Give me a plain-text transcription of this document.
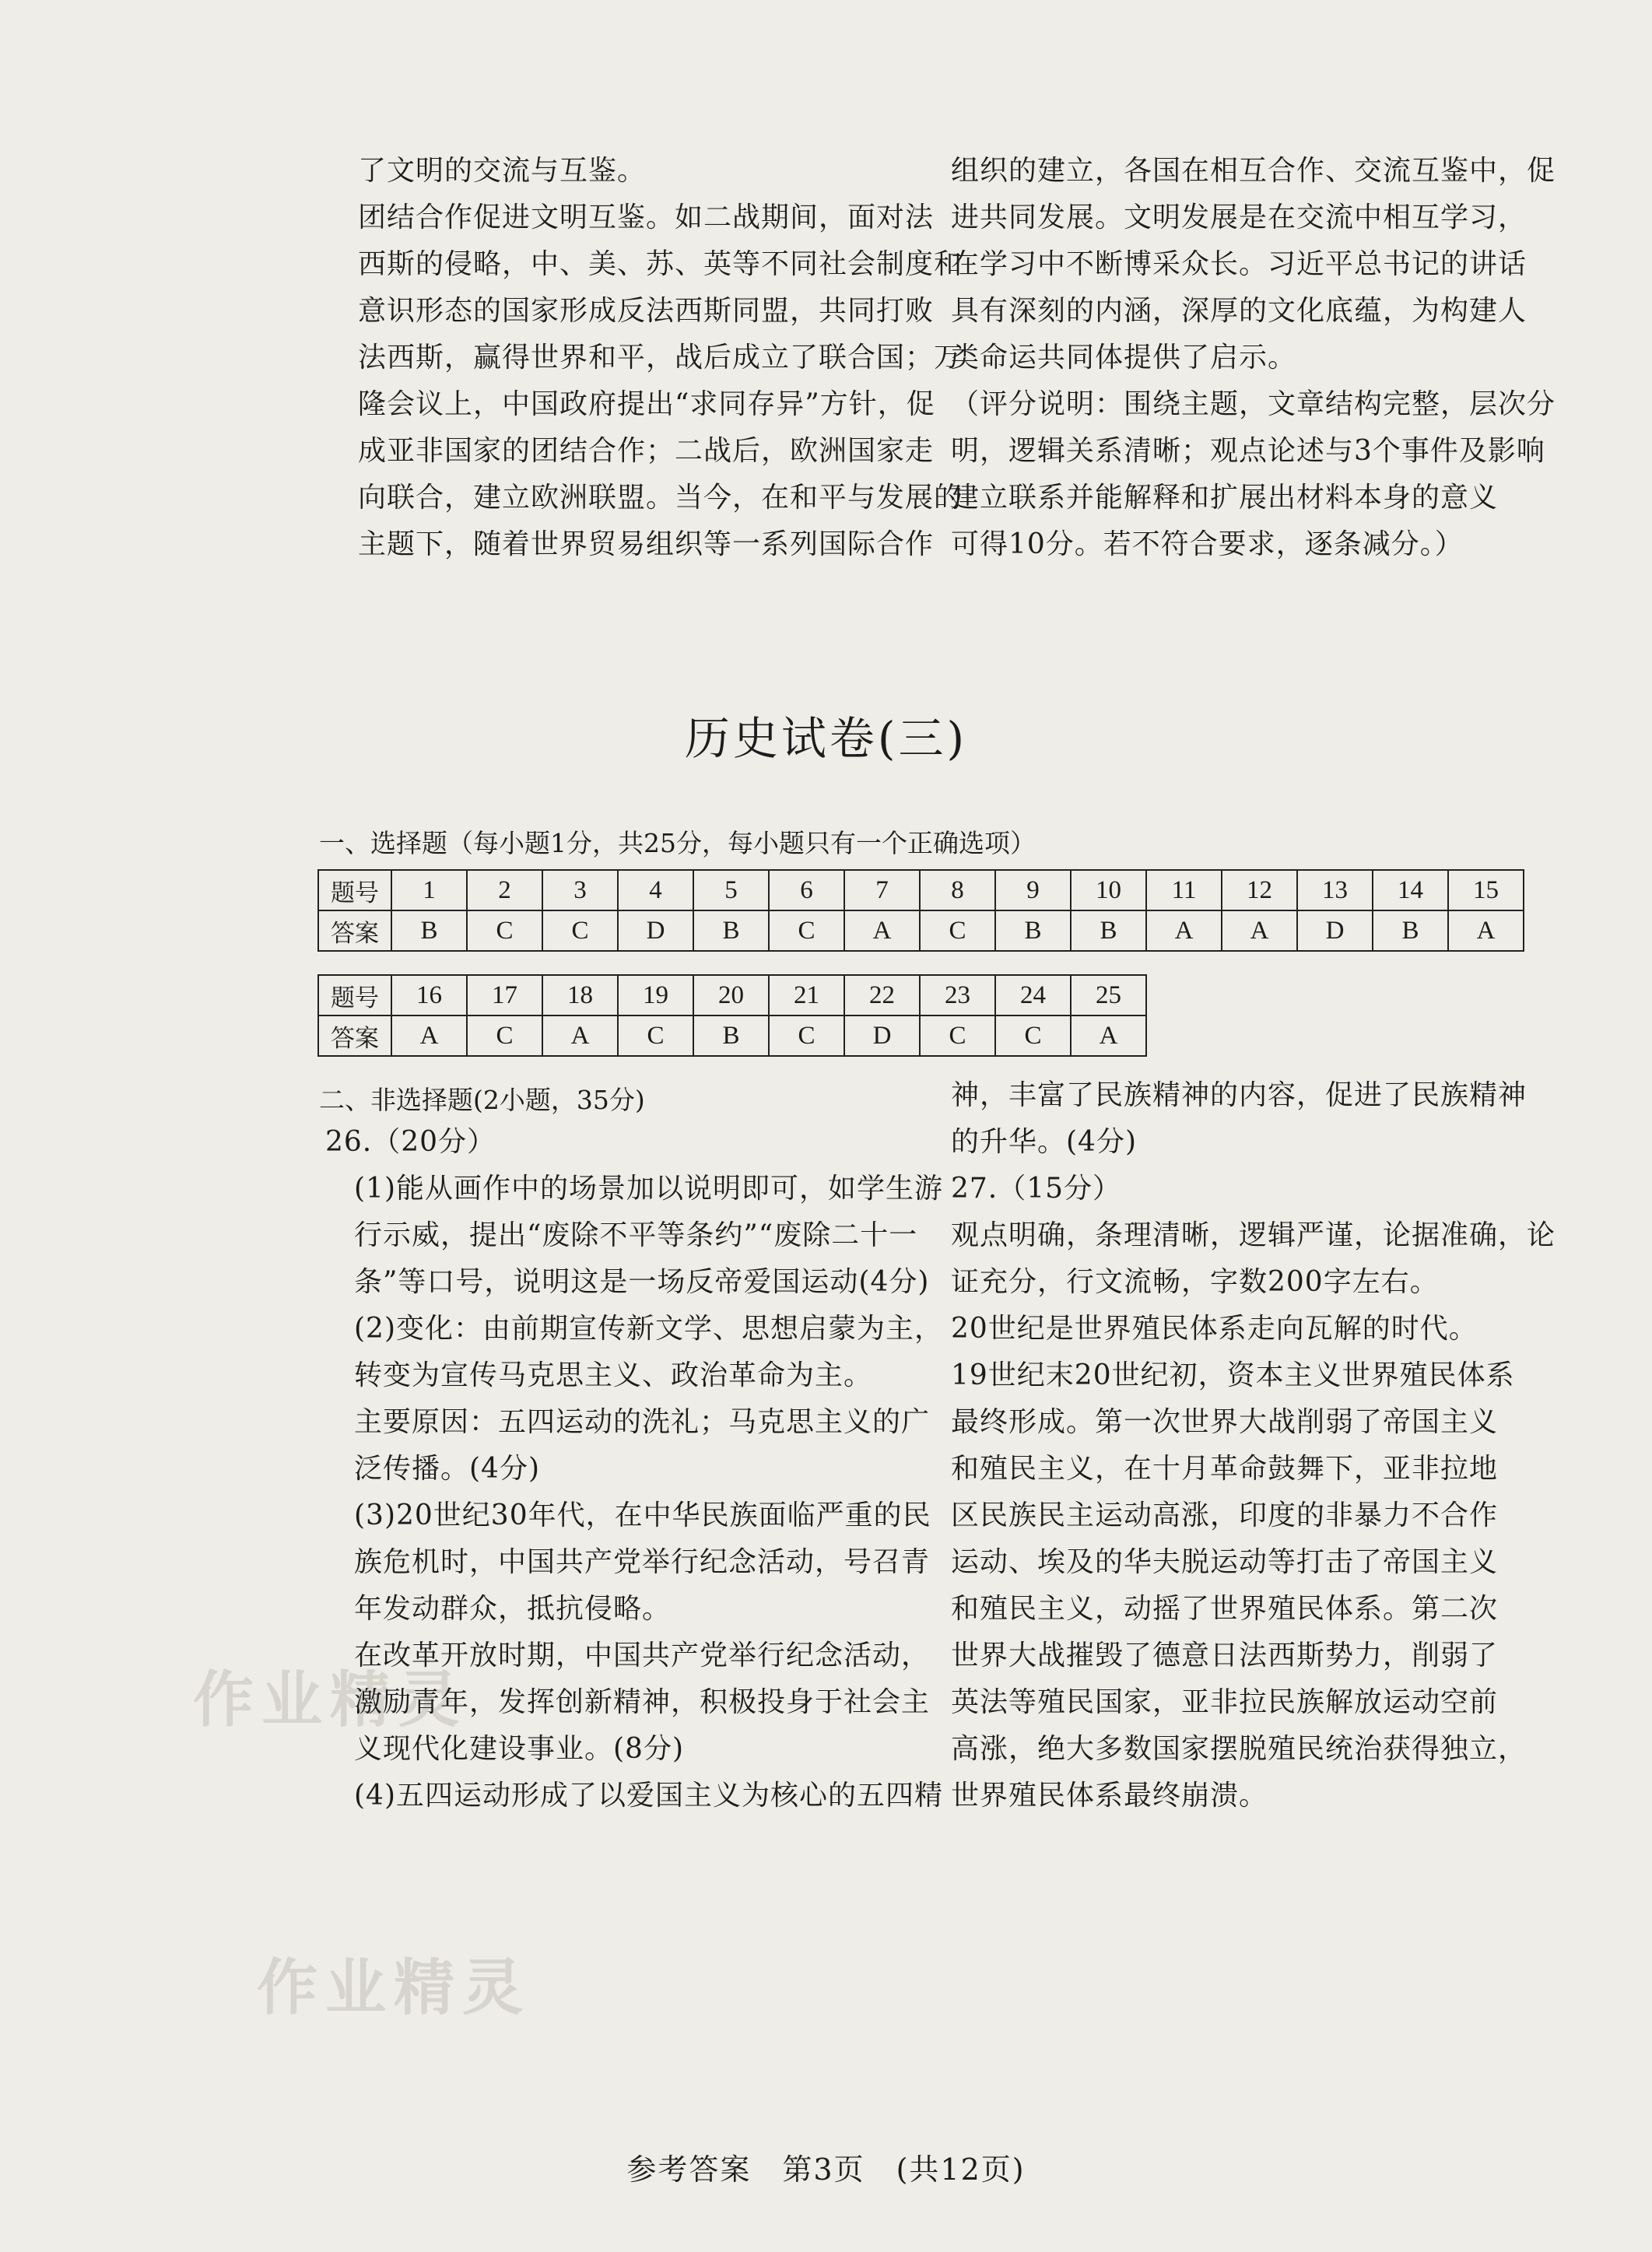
作业精灵
作业精灵

了文明的交流与互鉴。

团结合作促进文明互鉴。如二战期间，面对法

西斯的侵略，中、美、苏、英等不同社会制度和

意识形态的国家形成反法西斯同盟，共同打败

法西斯，赢得世界和平，战后成立了联合国；万

隆会议上，中国政府提出“求同存异”方针，促

成亚非国家的团结合作；二战后，欧洲国家走

向联合，建立欧洲联盟。当今，在和平与发展的

主题下，随着世界贸易组织等一系列国际合作

组织的建立，各国在相互合作、交流互鉴中，促

进共同发展。文明发展是在交流中相互学习，

在学习中不断博采众长。习近平总书记的讲话

具有深刻的内涵，深厚的文化底蕴，为构建人

类命运共同体提供了启示。

（评分说明：围绕主题，文章结构完整，层次分

明，逻辑关系清晰；观点论述与3个事件及影响

建立联系并能解释和扩展出材料本身的意义

可得10分。若不符合要求，逐条减分。）

历史试卷(三)
一、选择题（每小题1分，共25分，每小题只有一个正确选项）
题号	1	2	3	4	5	6	7	8	9	10	11	12	13	14	15
答案	B	C	C	D	B	C	A	C	B	B	A	A	D	B	A
题号	16	17	18	19	20	21	22	23	24	25
答案	A	C	A	C	B	C	D	C	C	A
二、非选择题(2小题，35分)

26.（20分）

　(1)能从画作中的场景加以说明即可，如学生游

　行示威，提出“废除不平等条约”“废除二十一

　条”等口号，说明这是一场反帝爱国运动(4分)

　(2)变化：由前期宣传新文学、思想启蒙为主，

　转变为宣传马克思主义、政治革命为主。

　主要原因：五四运动的洗礼；马克思主义的广

　泛传播。(4分)

　(3)20世纪30年代，在中华民族面临严重的民

　族危机时，中国共产党举行纪念活动，号召青

　年发动群众，抵抗侵略。

　在改革开放时期，中国共产党举行纪念活动，

　激励青年，发挥创新精神，积极投身于社会主

　义现代化建设事业。(8分)

　(4)五四运动形成了以爱国主义为核心的五四精

神，丰富了民族精神的内容，促进了民族精神

的升华。(4分)

27.（15分）

观点明确，条理清晰，逻辑严谨，论据准确，论

证充分，行文流畅，字数200字左右。

20世纪是世界殖民体系走向瓦解的时代。

19世纪末20世纪初，资本主义世界殖民体系

最终形成。第一次世界大战削弱了帝国主义

和殖民主义，在十月革命鼓舞下，亚非拉地

区民族民主运动高涨，印度的非暴力不合作

运动、埃及的华夫脱运动等打击了帝国主义

和殖民主义，动摇了世界殖民体系。第二次

世界大战摧毁了德意日法西斯势力，削弱了

英法等殖民国家，亚非拉民族解放运动空前

高涨，绝大多数国家摆脱殖民统治获得独立，

世界殖民体系最终崩溃。

参考答案　第3页　(共12页)
